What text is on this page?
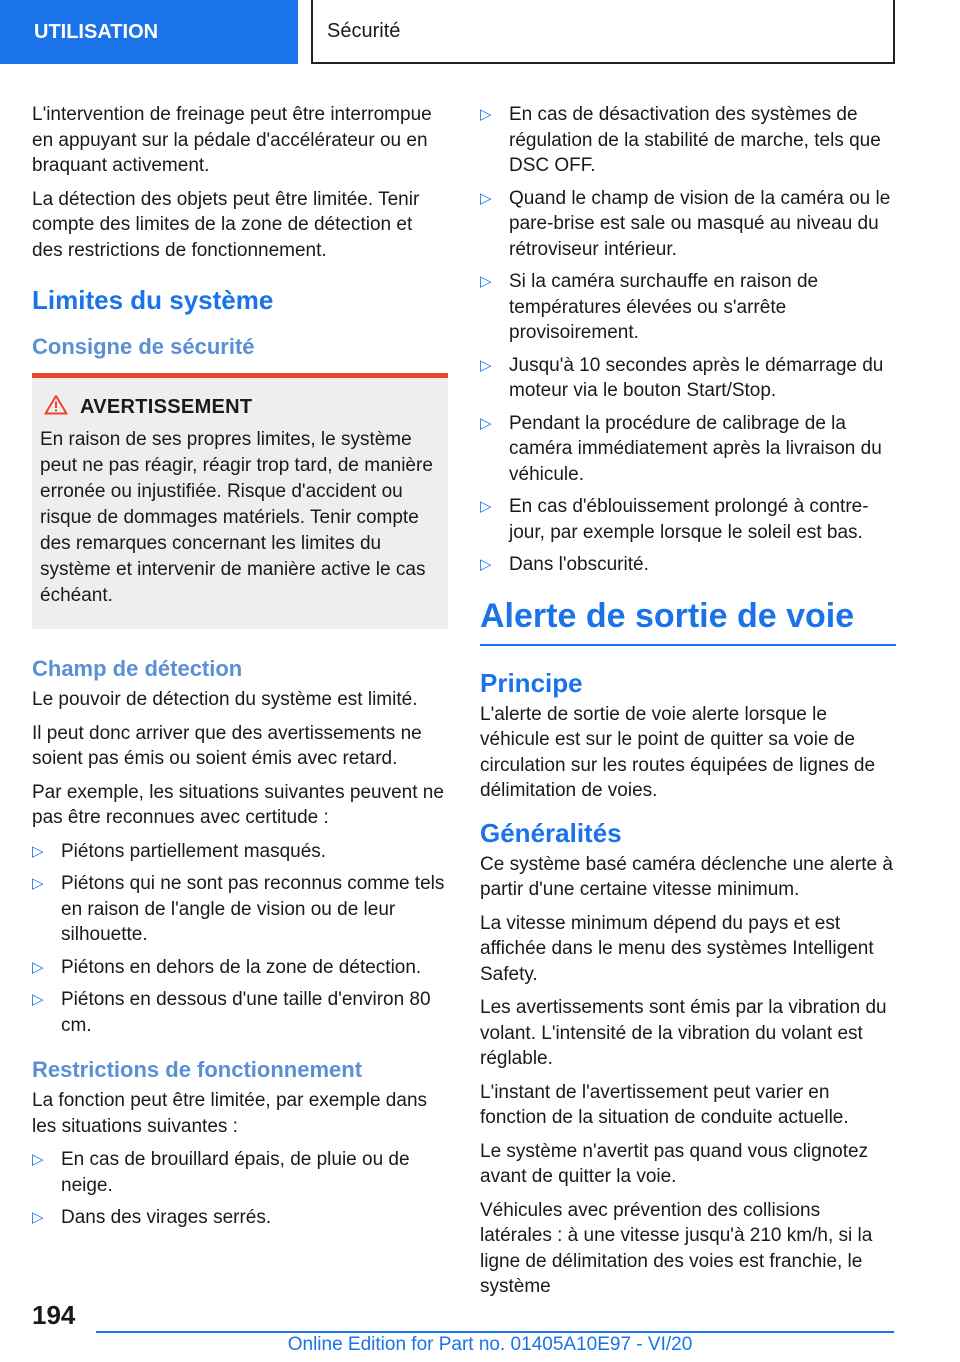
UTILISATION	Sécurité

L'intervention de freinage peut être interrompue en appuyant sur la pédale d'accélérateur ou en braquant activement.

La détection des objets peut être limitée. Tenir compte des limites de la zone de détection et des restrictions de fonctionnement.

Limites du système
Consigne de sécurité
AVERTISSEMENT

En raison de ses propres limites, le système peut ne pas réagir, réagir trop tard, de manière erronée ou injustifiée. Risque d'accident ou risque de dommages matériels. Tenir compte des remarques concernant les limites du système et intervenir de manière active le cas échéant.

Champ de détection

Le pouvoir de détection du système est limité.

Il peut donc arriver que des avertissements ne soient pas émis ou soient émis avec retard.

Par exemple, les situations suivantes peuvent ne pas être reconnues avec certitude :

▷ Piétons partiellement masqués.
▷ Piétons qui ne sont pas reconnus comme tels en raison de l'angle de vision ou de leur silhouette.
▷ Piétons en dehors de la zone de détection.
▷ Piétons en dessous d'une taille d'environ 80 cm.
Restrictions de fonctionnement

La fonction peut être limitée, par exemple dans les situations suivantes :

▷ En cas de brouillard épais, de pluie ou de neige.
▷ Dans des virages serrés.
▷ En cas de désactivation des systèmes de régulation de la stabilité de marche, tels que DSC OFF.
▷ Quand le champ de vision de la caméra ou le pare-brise est sale ou masqué au niveau du rétroviseur intérieur.
▷ Si la caméra surchauffe en raison de températures élevées ou s'arrête provisoirement.
▷ Jusqu'à 10 secondes après le démarrage du moteur via le bouton Start/Stop.
▷ Pendant la procédure de calibrage de la caméra immédiatement après la livraison du véhicule.
▷ En cas d'éblouissement prolongé à contre-jour, par exemple lorsque le soleil est bas.
▷ Dans l'obscurité.
Alerte de sortie de voie
Principe

L'alerte de sortie de voie alerte lorsque le véhicule est sur le point de quitter sa voie de circulation sur les routes équipées de lignes de délimitation de voies.

Généralités

Ce système basé caméra déclenche une alerte à partir d'une certaine vitesse minimum.

La vitesse minimum dépend du pays et est affichée dans le menu des systèmes Intelligent Safety.

Les avertissements sont émis par la vibration du volant. L'intensité de la vibration du volant est réglable.

L'instant de l'avertissement peut varier en fonction de la situation de conduite actuelle.

Le système n'avertit pas quand vous clignotez avant de quitter la voie.

Véhicules avec prévention des collisions latérales : à une vitesse jusqu'à 210 km/h, si la ligne de délimitation des voies est franchie, le système

194
Online Edition for Part no. 01405A10E97 - VI/20
